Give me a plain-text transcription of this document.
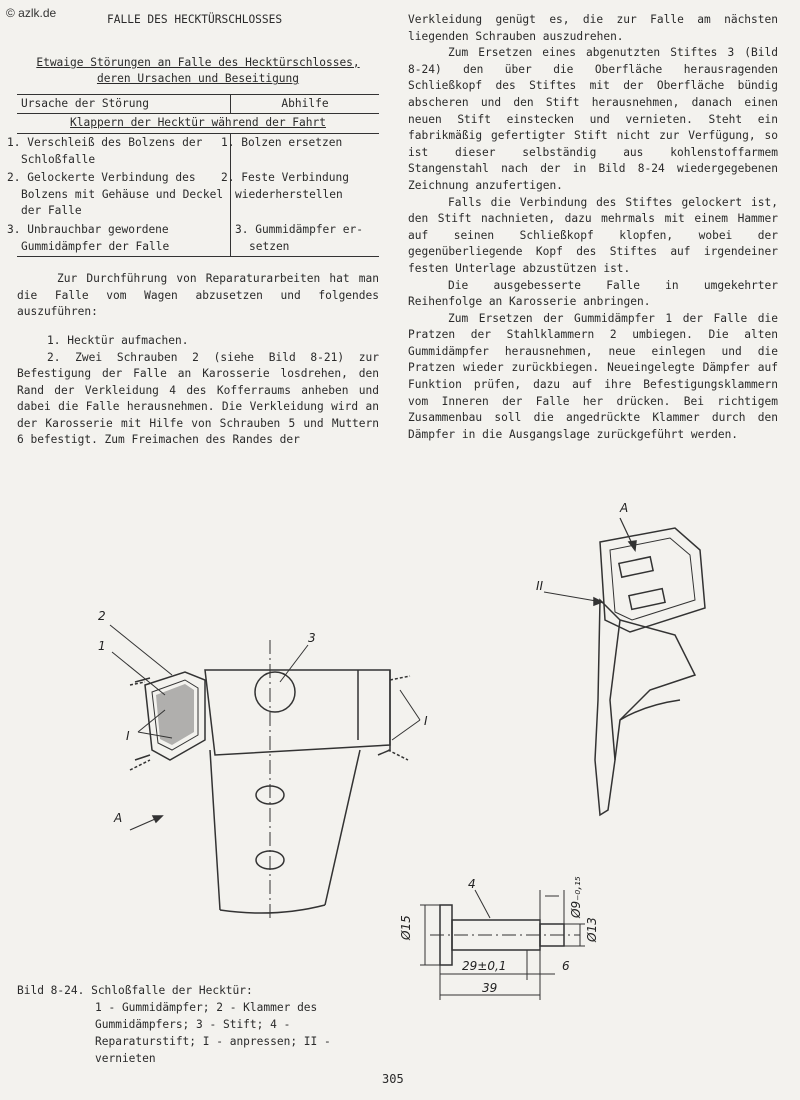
© azlk.de	FALLE DES HECKTÜRSCHLOSSES

Etwaige Störungen an Falle des Hecktürschlosses,

deren Ursachen und Beseitigung

Ursache der Störung	Abhilfe
Klappern der Hecktür während der Fahrt	
1. Verschleiß des Bolzens der Schloßfalle	1. Bolzen ersetzen
2. Gelockerte Verbindung des Bolzens mit Gehäuse und Deckel der Falle	2. Feste Verbindung wiederherstellen
3. Unbrauchbar gewordene Gummidämpfer der Falle	3. Gummidämpfer er-setzen

Zur Durchführung von Reparaturarbeiten hat man die Falle vom Wagen abzusetzen und folgendes auszuführen:

1. Hecktür aufmachen.

2. Zwei Schrauben 2 (siehe Bild 8-21) zur Befestigung der Falle an Karosserie losdrehen, den Rand der Verkleidung 4 des Kofferraums anheben und dabei die Falle herausnehmen. Die Verkleidung wird an der Karosserie mit Hilfe von Schrauben 5 und Muttern 6 befestigt. Zum Freimachen des Randes der

Verkleidung genügt es, die zur Falle am nächsten liegenden Schrauben auszudrehen.

Zum Ersetzen eines abgenutzten Stiftes 3 (Bild 8-24) den über die Oberfläche herausragenden Schließkopf des Stiftes mit der Oberfläche bündig abscheren und den Stift herausnehmen, danach einen neuen Stift einstecken und vernieten. Steht ein fabrikmäßig gefertigter Stift nicht zur Verfügung, so ist dieser selbständig aus kohlenstoffarmem Stangenstahl nach der in Bild 8-24 wiedergegebenen Zeichnung anzufertigen.

Falls die Verbindung des Stiftes gelockert ist, den Stift nachnieten, dazu mehrmals mit einem Hammer auf seinen Schließkopf klopfen, wobei der gegenüberliegende Kopf des Stiftes auf irgendeiner festen Unterlage abzustützen ist.

Die ausgebesserte Falle in umgekehrter Reihenfolge an Karosserie anbringen.

Zum Ersetzen der Gummidämpfer 1 der Falle die Pratzen der Stahlklammern 2 umbiegen. Die alten Gummidämpfer herausnehmen, neue einlegen und die Pratzen wieder zurückbiegen. Neueingelegte Dämpfer auf Funktion prüfen, dazu auf ihre Befestigungsklammern vom Inneren der Falle her drücken. Bei richtigem Zusammenbau soll die angedrückte Klammer durch den Dämpfer in die Ausgangslage zurückgeführt werden.

2
1
3
I
I
A
A
II
4
Ø15	Ø13
Ø9₋₀,₁₅
29±0,1
39
6
Bild 8-24. Schloßfalle der Hecktür:
1 - Gummidämpfer; 2 - Klammer des Gummidämpfers; 3 - Stift; 4 - Reparaturstift; I - anpressen; II - vernieten
305
